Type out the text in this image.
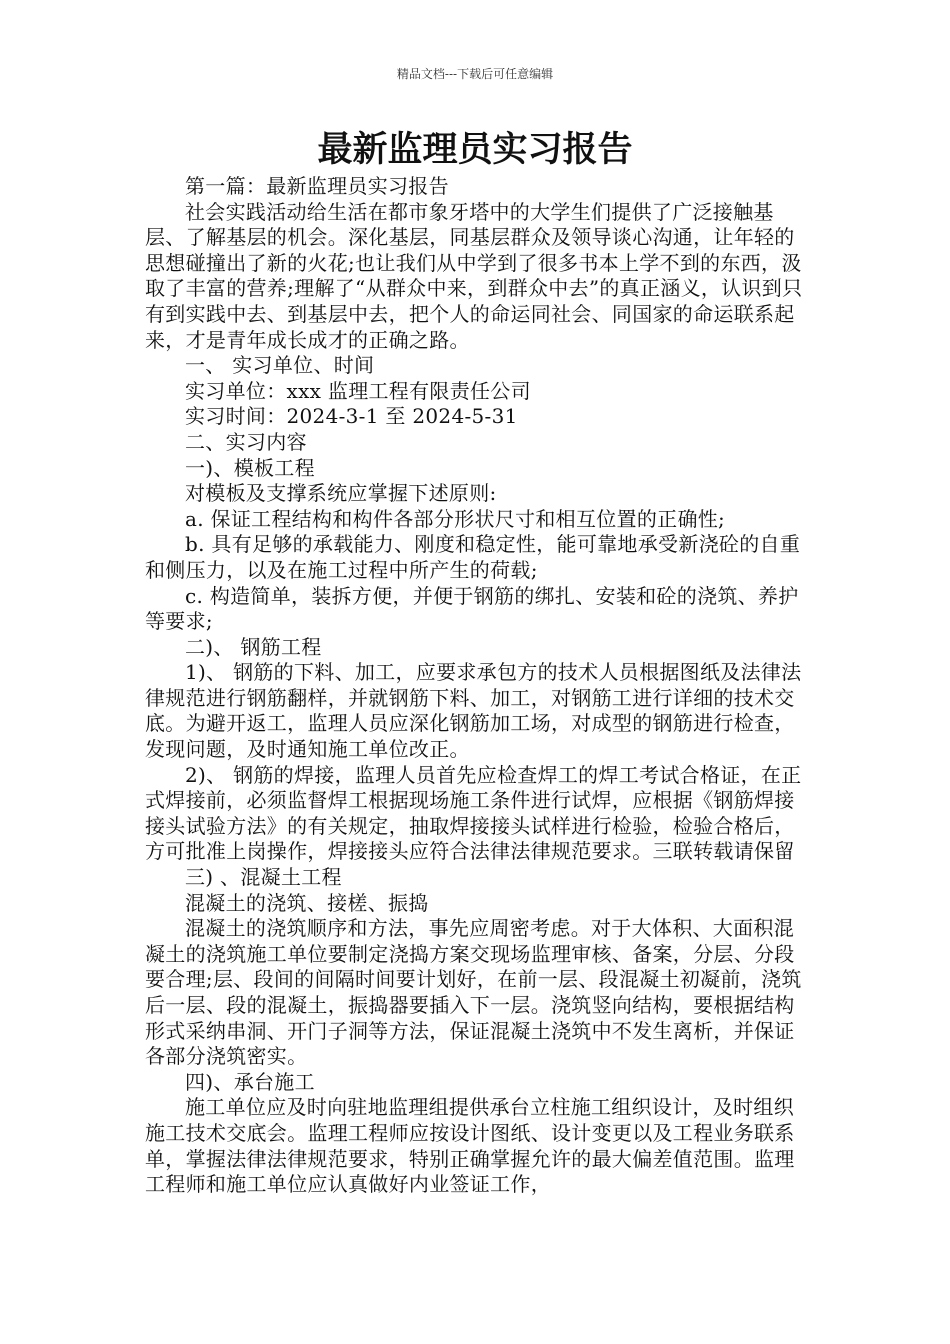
精品文档---下载后可任意编辑
最新监理员实习报告

第一篇：最新监理员实习报告

社会实践活动给生活在都市象牙塔中的大学生们提供了广泛接触基层、了解基层的机会。深化基层，同基层群众及领导谈心沟通，让年轻的思想碰撞出了新的火花;也让我们从中学到了很多书本上学不到的东西，汲取了丰富的营养;理解了“从群众中来，到群众中去”的真正涵义，认识到只有到实践中去、到基层中去，把个人的命运同社会、同国家的命运联系起来，才是青年成长成才的正确之路。

一、 实习单位、时间

实习单位：xxx 监理工程有限责任公司

实习时间：2024-3-1 至 2024-5-31

二、实习内容

一)、模板工程

对模板及支撑系统应掌握下述原则:

a. 保证工程结构和构件各部分形状尺寸和相互位置的正确性;

b. 具有足够的承载能力、刚度和稳定性，能可靠地承受新浇砼的自重和侧压力，以及在施工过程中所产生的荷载;

c. 构造简单，装拆方便，并便于钢筋的绑扎、安装和砼的浇筑、养护等要求;

二)、 钢筋工程

1)、 钢筋的下料、加工，应要求承包方的技术人员根据图纸及法律法律规范进行钢筋翻样，并就钢筋下料、加工，对钢筋工进行详细的技术交底。为避开返工，监理人员应深化钢筋加工场，对成型的钢筋进行检查，发现问题，及时通知施工单位改正。

2)、 钢筋的焊接，监理人员首先应检查焊工的焊工考试合格证，在正式焊接前，必须监督焊工根据现场施工条件进行试焊，应根据《钢筋焊接接头试验方法》的有关规定，抽取焊接接头试样进行检验，检验合格后，方可批准上岗操作，焊接接头应符合法律法律规范要求。三联转载请保留

三) 、混凝土工程

混凝土的浇筑、接槎、振捣

混凝土的浇筑顺序和方法，事先应周密考虑。对于大体积、大面积混凝土的浇筑施工单位要制定浇捣方案交现场监理审核、备案，分层、分段要合理;层、段间的间隔时间要计划好，在前一层、段混凝土初凝前，浇筑后一层、段的混凝土，振捣器要插入下一层。浇筑竖向结构，要根据结构形式采纳串洞、开门子洞等方法，保证混凝土浇筑中不发生离析，并保证各部分浇筑密实。

四)、承台施工

施工单位应及时向驻地监理组提供承台立柱施工组织设计，及时组织施工技术交底会。监理工程师应按设计图纸、设计变更以及工程业务联系单，掌握法律法律规范要求，特别正确掌握允许的最大偏差值范围。监理工程师和施工单位应认真做好内业签证工作，
